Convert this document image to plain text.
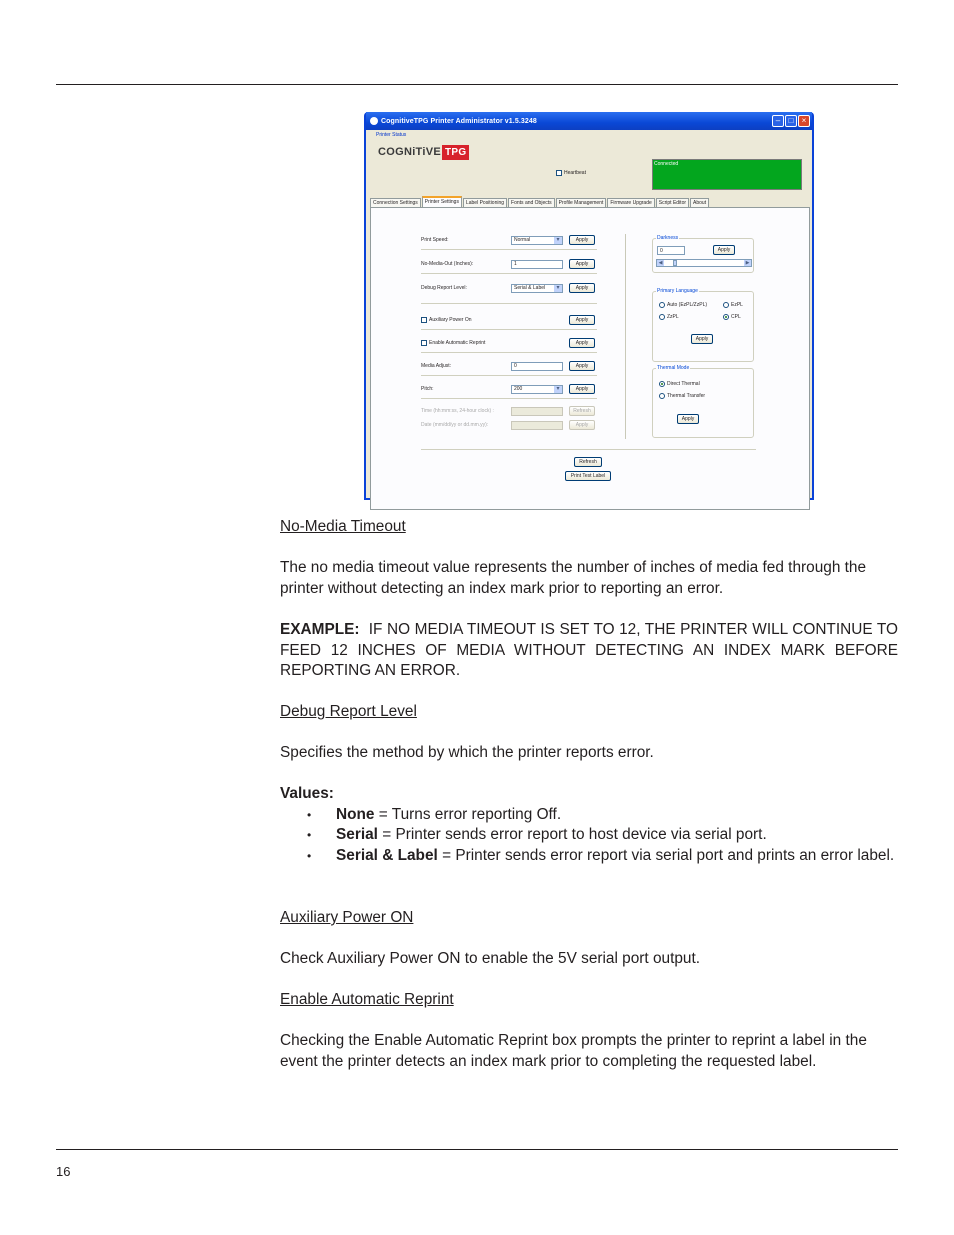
CognitiveTPG Printer Administrator v1.5.3248	–	□	×
Printer Status
COGNiTiVE TPG
Heartbeat
Connected
Connection Settings	Printer Settings	Label Positioning	Fonts and Objects	Profile Management	Firmware Upgrade	Script Editor	About
Print Speed:	Normal ▾	Apply
No-Media-Out (Inches):	1	Apply
Debug Report Level:	Serial & Label ▾	Apply
Auxiliary Power On	Apply
Enable Automatic Reprint	Apply
Media Adjust:	0	Apply
Pitch:	200 ▾	Apply
Time (hh:mm:ss, 24-hour clock) :	Refresh
Date (mm/dd/yy or dd.mm.yy):	Apply
Darkness
0	Apply
◀	▶
Primary Language
Auto (EzPL/ZzPL)	EzPL
ZzPL	CPL
Apply
Thermal Mode
Direct Thermal
Thermal Transfer
Apply
Refresh
Print Test Label
No-Media Timeout

The no media timeout value represents the number of inches of media fed through the printer without detecting an index mark prior to reporting an error.

EXAMPLE: IF NO MEDIA TIMEOUT IS SET TO 12, THE PRINTER WILL CONTINUE TO FEED 12 INCHES OF MEDIA WITHOUT DETECTING AN INDEX MARK BEFORE REPORTING AN ERROR.

Debug Report Level

Specifies the method by which the printer reports error.

Values:
• None = Turns error reporting Off.
• Serial = Printer sends error report to host device via serial port.
• Serial & Label = Printer sends error report via serial port and prints an error label.
Auxiliary Power ON

Check Auxiliary Power ON to enable the 5V serial port output.

Enable Automatic Reprint

Checking the Enable Automatic Reprint box prompts the printer to reprint a label in the event the printer detects an index mark prior to completing the requested label.

16
